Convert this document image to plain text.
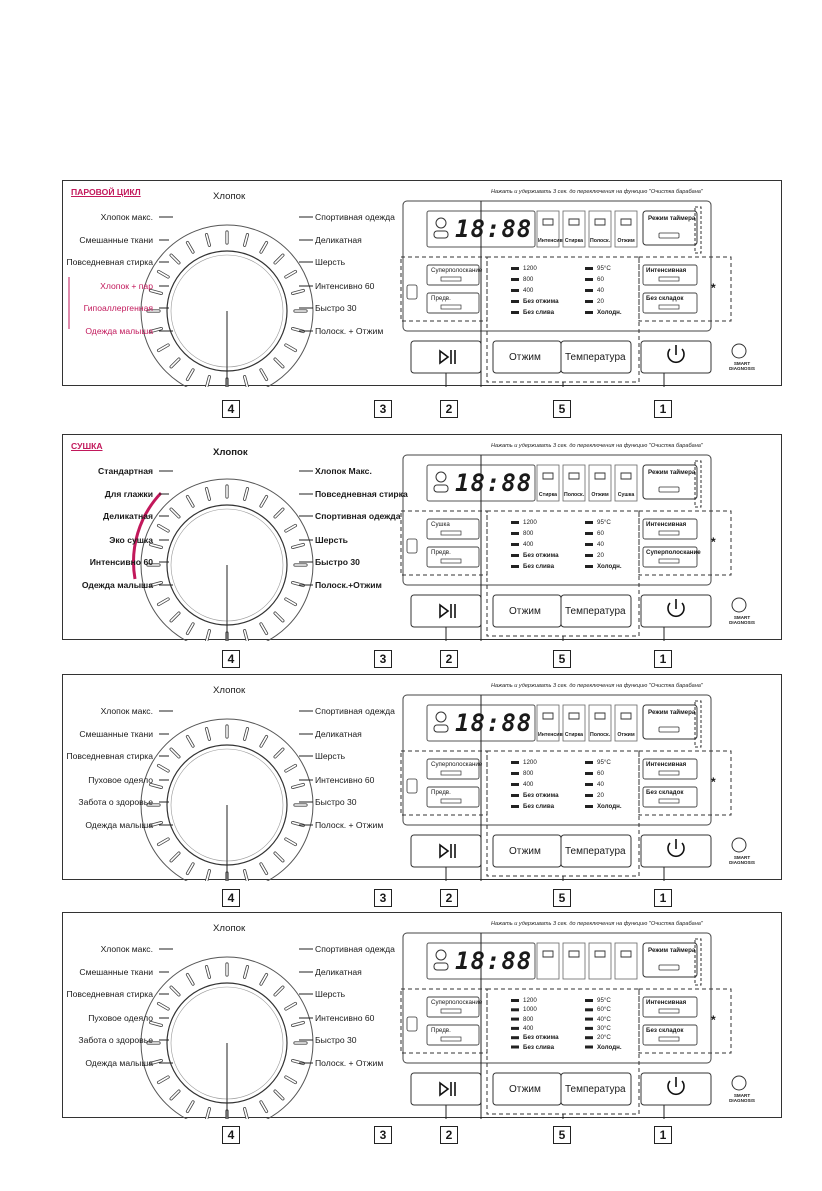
ПАРОВОЙ ЦИКЛ	Хлопок
Хлопок макс.
Смешанные ткани
Повседневная стирка
Хлопок + пар
Гипоаллергенная
Одежда малыша
Спортивная одежда
Деликатная
Шерсть
Интенсивно 60
Быстро 30
Полоск. + Отжим
Нажать и удерживать 3 сек. до переключения на функцию "Очистка барабана"
18:88 Интенсив Стирка Полоск. Отжим
Режим таймера
Суперполоскание
Предв.
Интенсивная
Без складок
*
1200
800
400
Без отжима
Без слива
95°C
60
40
20
Холодн.
Отжим Температура
SMART DIAGNOSIS
4	3	2	5	1
СУШКА
Хлопок
Стандартная
Для глажки
Деликатная
Эко сушка
Интенсивно 60
Одежда малыша
Хлопок Макс.
Повседневная стирка
Спортивная одежда
Шерсть
Быстро 30
Полоск.+Отжим
Нажать и удерживать 3 сек. до переключения на функцию "Очистка барабана"
18:88 Стирка Полоск. Отжим	Сушка
Режим таймера
Сушка
Предв.
Интенсивная
Суперполоскание
*
1200
800
400
Без отжима
Без слива
95°C
60
40
20
Холодн.
Отжим Температура
SMART DIAGNOSIS
4	3	2	5	1
Хлопок
Хлопок макс.
Смешанные ткани
Повседневная стирка
Пуховое одеяло
Забота о здоровье
Одежда малыша
Спортивная одежда
Деликатная
Шерсть
Интенсивно 60
Быстро 30
Полоск. + Отжим
Нажать и удерживать 3 сек. до переключения на функцию "Очистка барабана"
18:88 Интенсив Стирка Полоск. Отжим
Режим таймера
Суперполоскание
Предв.
Интенсивная
Без складок
*
1200
800
400
Без отжима
Без слива
95°C
60
40
20
Холодн.
Отжим Температура
SMART DIAGNOSIS
4	3	2	5	1
Хлопок
Хлопок макс.
Смешанные ткани
Повседневная стирка
Пуховое одеяло
Забота о здоровье
Одежда малыша
Спортивная одежда
Деликатная
Шерсть
Интенсивно 60
Быстро 30
Полоск. + Отжим
Нажать и удерживать 3 сек. до переключения на функцию "Очистка барабана"
18:88	Режим таймера
Суперполоскание
Предв.
Интенсивная
Без складок
*
1200
1000
800
400
Без отжима
Без слива
95°C
60°C
40°C
30°C
20°C
Холодн.
Отжим Температура
SMART DIAGNOSIS
4	3	2	5	1
